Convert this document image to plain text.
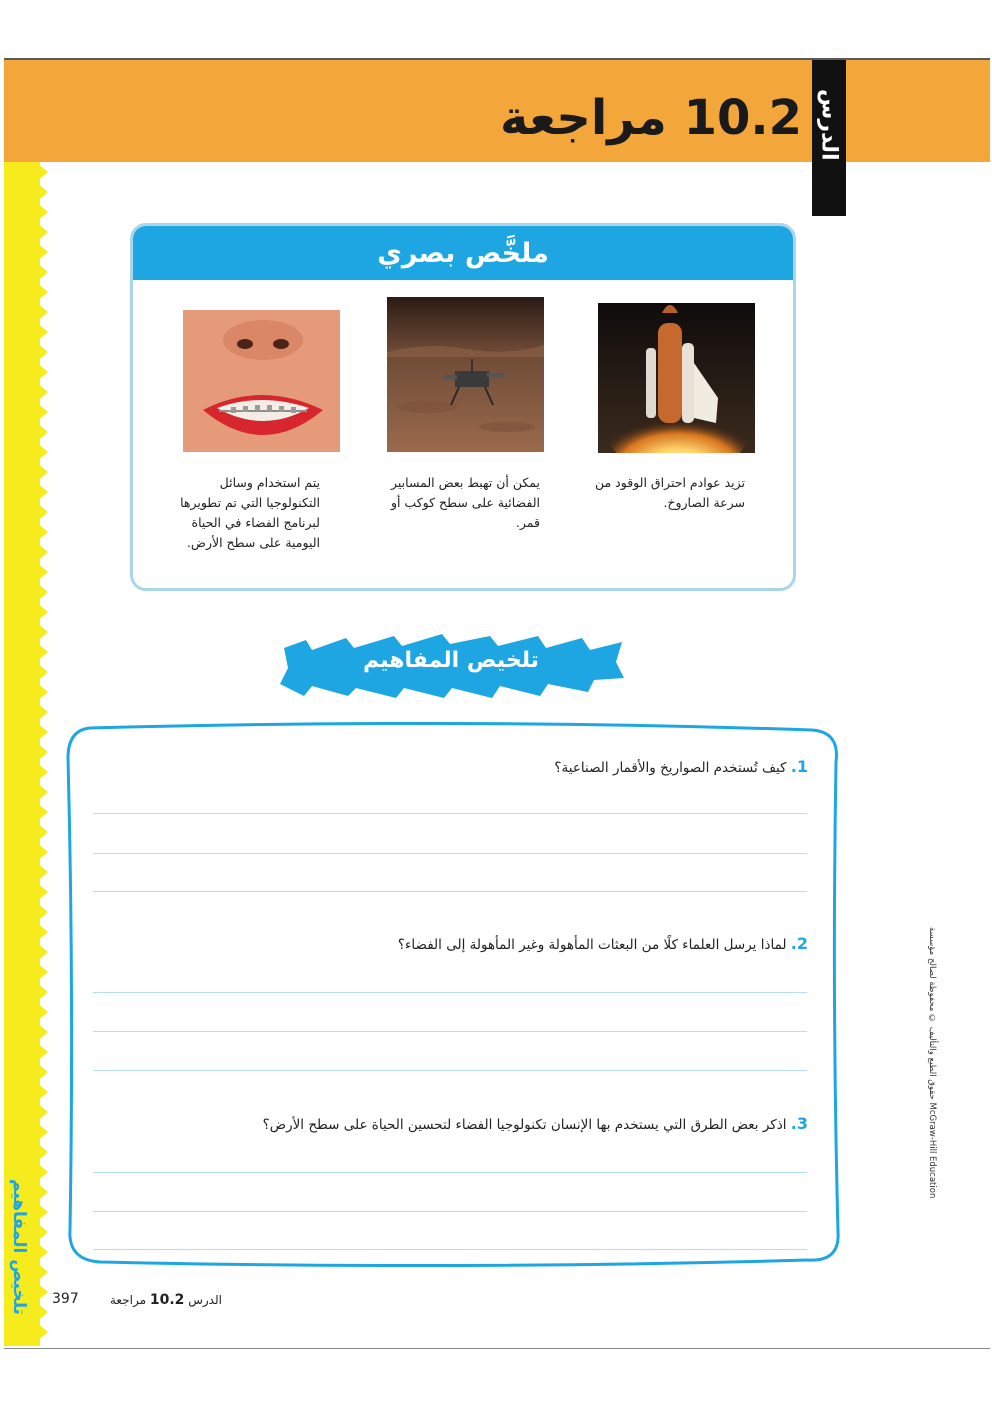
10.2 مراجعة الدرس
ملخَّص بصري
تزيد عوادم احتراق الوقود من سرعة الصاروخ.
يمكن أن تهبط بعض المسابير الفضائية على سطح كوكب أو قمر.
يتم استخدام وسائل التكنولوجيا التي تم تطويرها لبرنامج الفضاء في الحياة اليومية على سطح الأرض.
تلخيص المفاهيم
1. كيف تُستخدم الصواريخ والأقمار الصناعية؟
2. لماذا يرسل العلماء كلًا من البعثات المأهولة وغير المأهولة إلى الفضاء؟
3. اذكر بعض الطرق التي يستخدم بها الإنسان تكنولوجيا الفضاء لتحسين الحياة على سطح الأرض؟
حقوق الطبع والتأليف © محفوظة لصالح مؤسسة McGraw-Hill Education
تلخيص المفاهيم 397	الدرس 10.2 مراجعة
